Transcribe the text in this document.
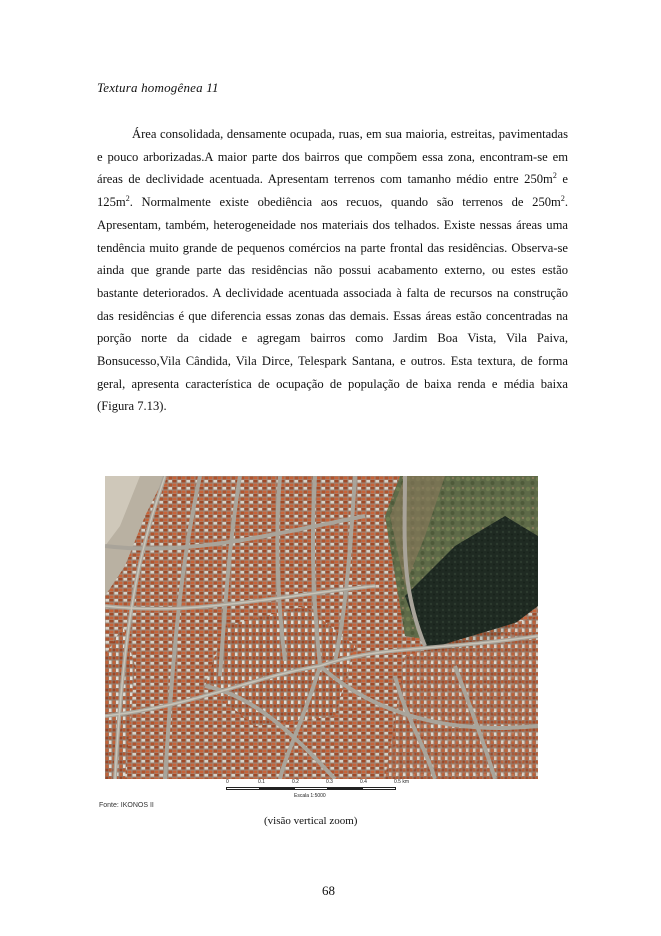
Textura homogênea 11

Área consolidada, densamente ocupada, ruas, em sua maioria, estreitas, pavimentadas e pouco arborizadas.A maior parte dos bairros que compõem essa zona, encontram-se em áreas de declividade acentuada. Apresentam terrenos com tamanho médio entre $250m^2$ e $125m^2$. Normalmente existe obediência aos recuos, quando são terrenos de $250m^2$. Apresentam, também, heterogeneidade nos materiais dos telhados. Existe nessas áreas uma tendência muito grande de pequenos comércios na parte frontal das residências. Observa-se ainda que grande parte das residências não possui acabamento externo, ou estes estão bastante deteriorados. A declividade acentuada associada à falta de recursos na construção das residências é que diferencia essas zonas das demais. Essas áreas estão concentradas na porção norte da cidade e agregam bairros como Jardim Boa Vista, Vila Paiva, Bonsucesso,Vila Cândida, Vila Dirce, Telespark Santana, e outros. Esta textura, de forma geral, apresenta característica de ocupação de população de baixa renda e média baixa (Figura 7.13).

0	0.1	0.2	0.3	0.4	0.5 km
Escala 1:5000
Fonte: IKONOS II
(visão vertical zoom)
68
